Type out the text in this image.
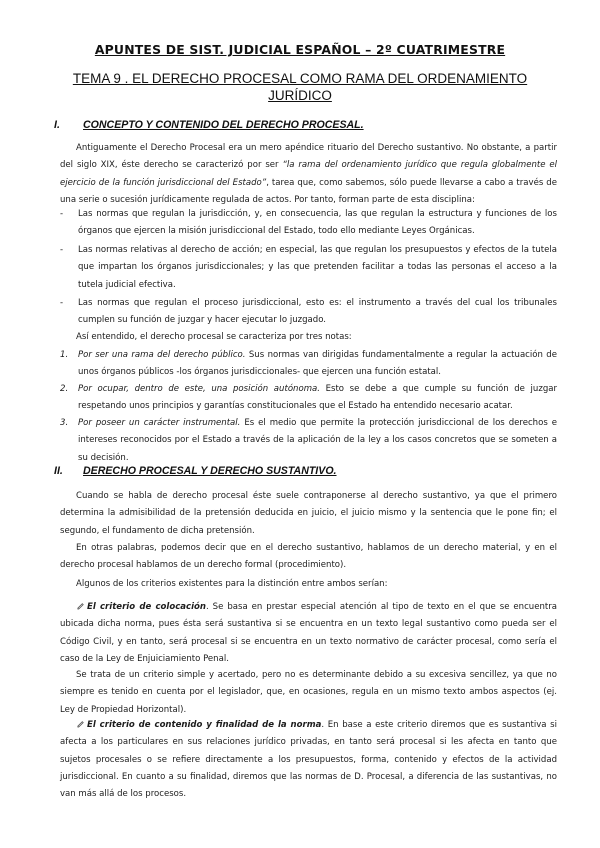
APUNTES DE SIST. JUDICIAL ESPAÑOL – 2º CUATRIMESTRE
TEMA 9 . EL DERECHO PROCESAL COMO RAMA DEL ORDENAMIENTO JURÍDICO
I. CONCEPTO Y CONTENIDO DEL DERECHO PROCESAL.
Antiguamente el Derecho Procesal era un mero apéndice rituario del Derecho sustantivo. No obstante, a partir del siglo XIX, éste derecho se caracterizó por ser “la rama del ordenamiento jurídico que regula globalmente el ejercicio de la función jurisdiccional del Estado”, tarea que, como sabemos, sólo puede llevarse a cabo a través de una serie o sucesión jurídicamente regulada de actos. Por tanto, forman parte de esta disciplina:
- Las normas que regulan la jurisdicción, y, en consecuencia, las que regulan la estructura y funciones de los órganos que ejercen la misión jurisdiccional del Estado, todo ello mediante Leyes Orgánicas.
- Las normas relativas al derecho de acción; en especial, las que regulan los presupuestos y efectos de la tutela que impartan los órganos jurisdiccionales; y las que pretenden facilitar a todas las personas el acceso a la tutela judicial efectiva.
- Las normas que regulan el proceso jurisdiccional, esto es: el instrumento a través del cual los tribunales cumplen su función de juzgar y hacer ejecutar lo juzgado.
Así entendido, el derecho procesal se caracteriza por tres notas:
1. Por ser una rama del derecho público. Sus normas van dirigidas fundamentalmente a regular la actuación de unos órganos públicos -los órganos jurisdiccionales- que ejercen una función estatal.
2. Por ocupar, dentro de este, una posición autónoma. Esto se debe a que cumple su función de juzgar respetando unos principios y garantías constitucionales que el Estado ha entendido necesario acatar.
3. Por poseer un carácter instrumental. Es el medio que permite la protección jurisdiccional de los derechos e intereses reconocidos por el Estado a través de la aplicación de la ley a los casos concretos que se someten a su decisión.
II. DERECHO PROCESAL Y DERECHO SUSTANTIVO.
Cuando se habla de derecho procesal éste suele contraponerse al derecho sustantivo, ya que el primero determina la admisibilidad de la pretensión deducida en juicio, el juicio mismo y la sentencia que le pone fin; el segundo, el fundamento de dicha pretensión.
En otras palabras, podemos decir que en el derecho sustantivo, hablamos de un derecho material, y en el derecho procesal hablamos de un derecho formal (procedimiento).
Algunos de los criterios existentes para la distinción entre ambos serían:
El criterio de colocación. Se basa en prestar especial atención al tipo de texto en el que se encuentra ubicada dicha norma, pues ésta será sustantiva si se encuentra en un texto legal sustantivo como pueda ser el Código Civil, y en tanto, será procesal si se encuentra en un texto normativo de carácter procesal, como sería el caso de la Ley de Enjuiciamiento Penal.
Se trata de un criterio simple y acertado, pero no es determinante debido a su excesiva sencillez, ya que no siempre es tenido en cuenta por el legislador, que, en ocasiones, regula en un mismo texto ambos aspectos (ej. Ley de Propiedad Horizontal).
El criterio de contenido y finalidad de la norma. En base a este criterio diremos que es sustantiva si afecta a los particulares en sus relaciones jurídico privadas, en tanto será procesal si les afecta en tanto que sujetos procesales o se refiere directamente a los presupuestos, forma, contenido y efectos de la actividad jurisdiccional. En cuanto a su finalidad, diremos que las normas de D. Procesal, a diferencia de las sustantivas, no van más allá de los procesos.
